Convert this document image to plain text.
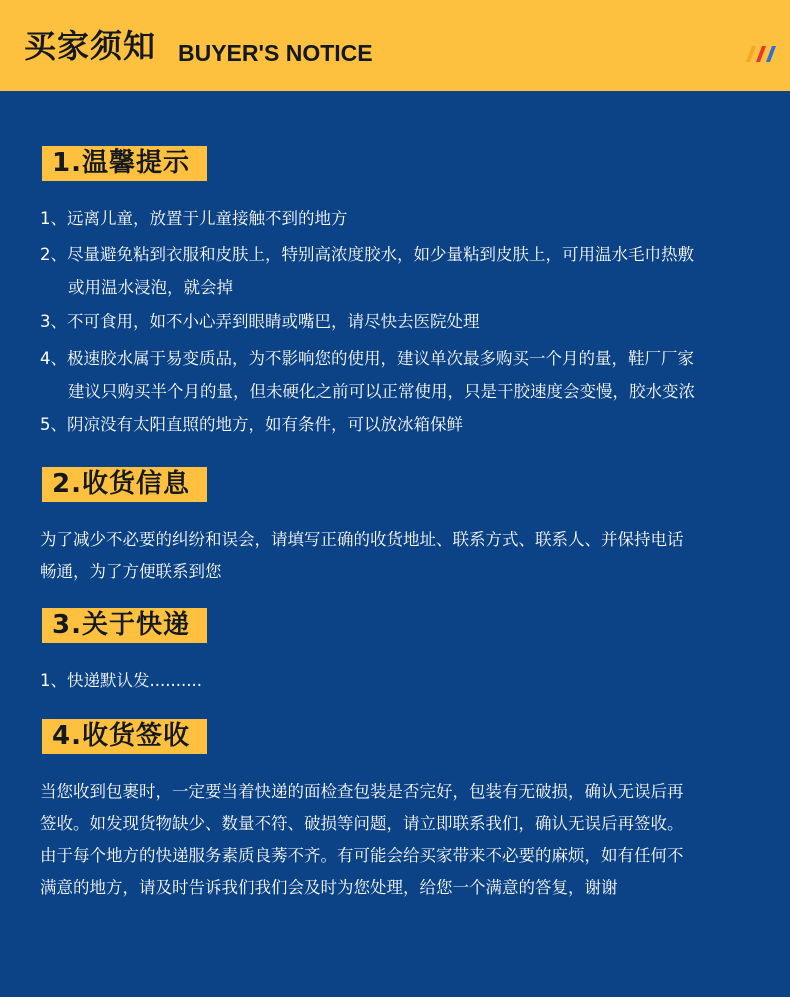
买家须知 BUYER'S NOTICE
1.温馨提示
1、远离儿童，放置于儿童接触不到的地方
2、尽量避免粘到衣服和皮肤上，特别高浓度胶水，如少量粘到皮肤上，可用温水毛巾热敷
或用温水浸泡，就会掉
3、不可食用，如不小心弄到眼睛或嘴巴，请尽快去医院处理
4、极速胶水属于易变质品，为不影响您的使用，建议单次最多购买一个月的量，鞋厂厂家
建议只购买半个月的量，但未硬化之前可以正常使用，只是干胶速度会变慢，胶水变浓
5、阴凉没有太阳直照的地方，如有条件，可以放冰箱保鲜
2.收货信息
为了减少不必要的纠纷和误会，请填写正确的收货地址、联系方式、联系人、并保持电话
畅通，为了方便联系到您
3.关于快递
1、快递默认发..........
4.收货签收
当您收到包裹时，一定要当着快递的面检查包装是否完好，包装有无破损，确认无误后再
签收。如发现货物缺少、数量不符、破损等问题，请立即联系我们，确认无误后再签收。
由于每个地方的快递服务素质良莠不齐。有可能会给买家带来不必要的麻烦，如有任何不
满意的地方，请及时告诉我们我们会及时为您处理，给您一个满意的答复，谢谢
